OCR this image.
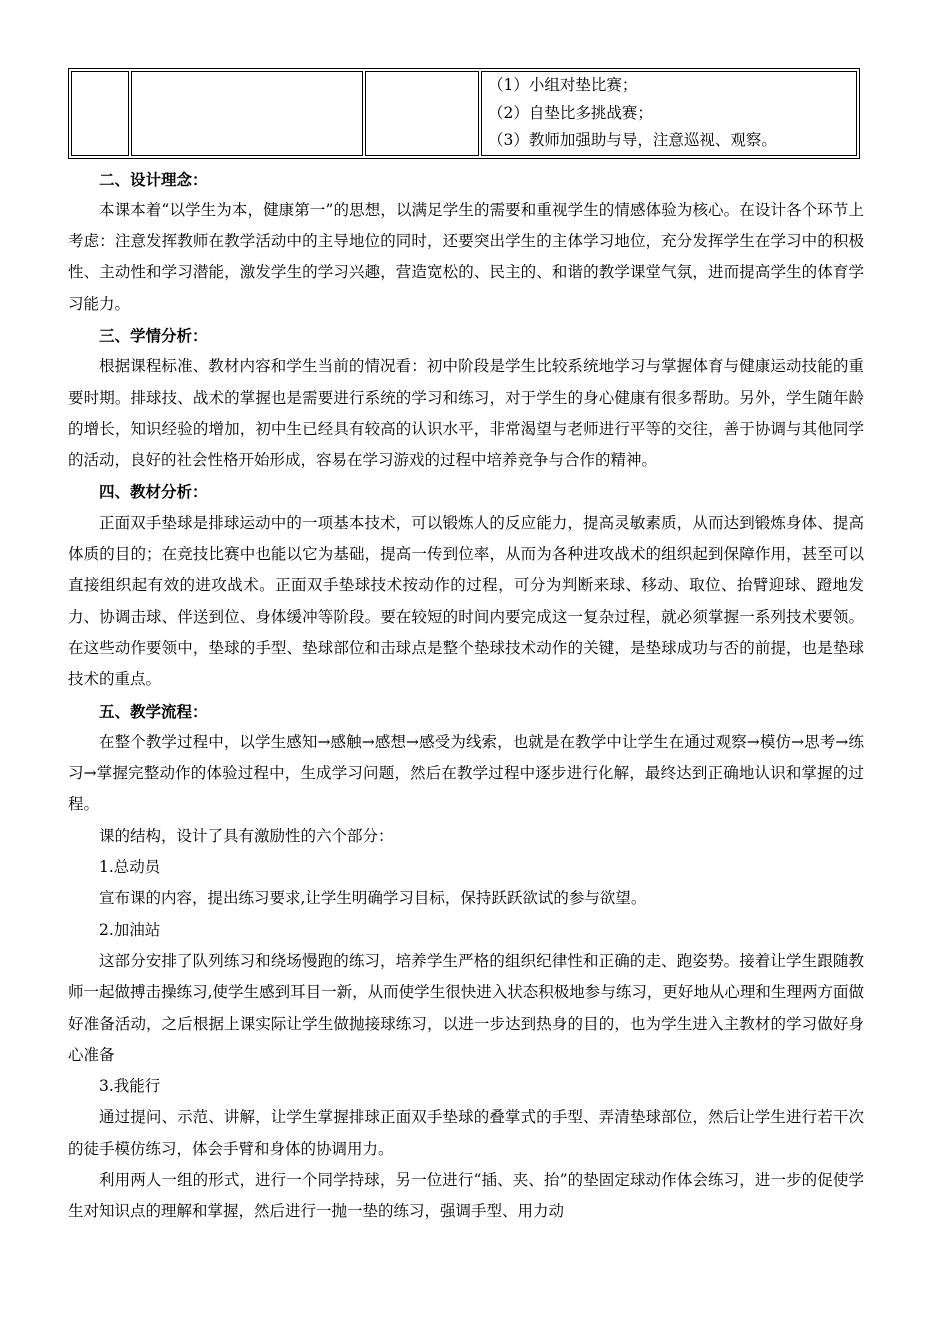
（1）小组对垫比赛；
（2）自垫比多挑战赛；
（3）教师加强助与导，注意巡视、观察。
二、设计理念：

本课本着“以学生为本，健康第一”的思想，以满足学生的需要和重视学生的情感体验为核心。在设计各个环节上考虑：注意发挥教师在教学活动中的主导地位的同时，还要突出学生的主体学习地位，充分发挥学生在学习中的积极性、主动性和学习潜能，激发学生的学习兴趣，营造宽松的、民主的、和谐的教学课堂气氛，进而提高学生的体育学习能力。

三、学情分析：

根据课程标准、教材内容和学生当前的情况看：初中阶段是学生比较系统地学习与掌握体育与健康运动技能的重要时期。排球技、战术的掌握也是需要进行系统的学习和练习，对于学生的身心健康有很多帮助。另外，学生随年龄的增长，知识经验的增加，初中生已经具有较高的认识水平，非常渴望与老师进行平等的交往，善于协调与其他同学的活动，良好的社会性格开始形成，容易在学习游戏的过程中培养竞争与合作的精神。

四、教材分析：

正面双手垫球是排球运动中的一项基本技术，可以锻炼人的反应能力，提高灵敏素质，从而达到锻炼身体、提高体质的目的；在竞技比赛中也能以它为基础，提高一传到位率，从而为各种进攻战术的组织起到保障作用，甚至可以直接组织起有效的进攻战术。正面双手垫球技术按动作的过程，可分为判断来球、移动、取位、抬臂迎球、蹬地发力、协调击球、伴送到位、身体缓冲等阶段。要在较短的时间内要完成这一复杂过程，就必须掌握一系列技术要领。在这些动作要领中，垫球的手型、垫球部位和击球点是整个垫球技术动作的关键，是垫球成功与否的前提，也是垫球技术的重点。

五、教学流程：

在整个教学过程中，以学生感知→感触→感想→感受为线索，也就是在教学中让学生在通过观察→模仿→思考→练习→掌握完整动作的体验过程中，生成学习问题，然后在教学过程中逐步进行化解，最终达到正确地认识和掌握的过程。

课的结构，设计了具有激励性的六个部分：
1.总动员

宣布课的内容，提出练习要求,让学生明确学习目标，保持跃跃欲试的参与欲望。

2.加油站

这部分安排了队列练习和绕场慢跑的练习，培养学生严格的组织纪律性和正确的走、跑姿势。接着让学生跟随教师一起做搏击操练习,使学生感到耳目一新，从而使学生很快进入状态积极地参与练习，更好地从心理和生理两方面做好准备活动，之后根据上课实际让学生做抛接球练习，以进一步达到热身的目的，也为学生进入主教材的学习做好身心准备

3.我能行

通过提问、示范、讲解，让学生掌握排球正面双手垫球的叠掌式的手型、弄清垫球部位，然后让学生进行若干次的徒手模仿练习，体会手臂和身体的协调用力。

利用两人一组的形式，进行一个同学持球，另一位进行“插、夹、抬”的垫固定球动作体会练习，进一步的促使学生对知识点的理解和掌握，然后进行一抛一垫的练习，强调手型、用力动
